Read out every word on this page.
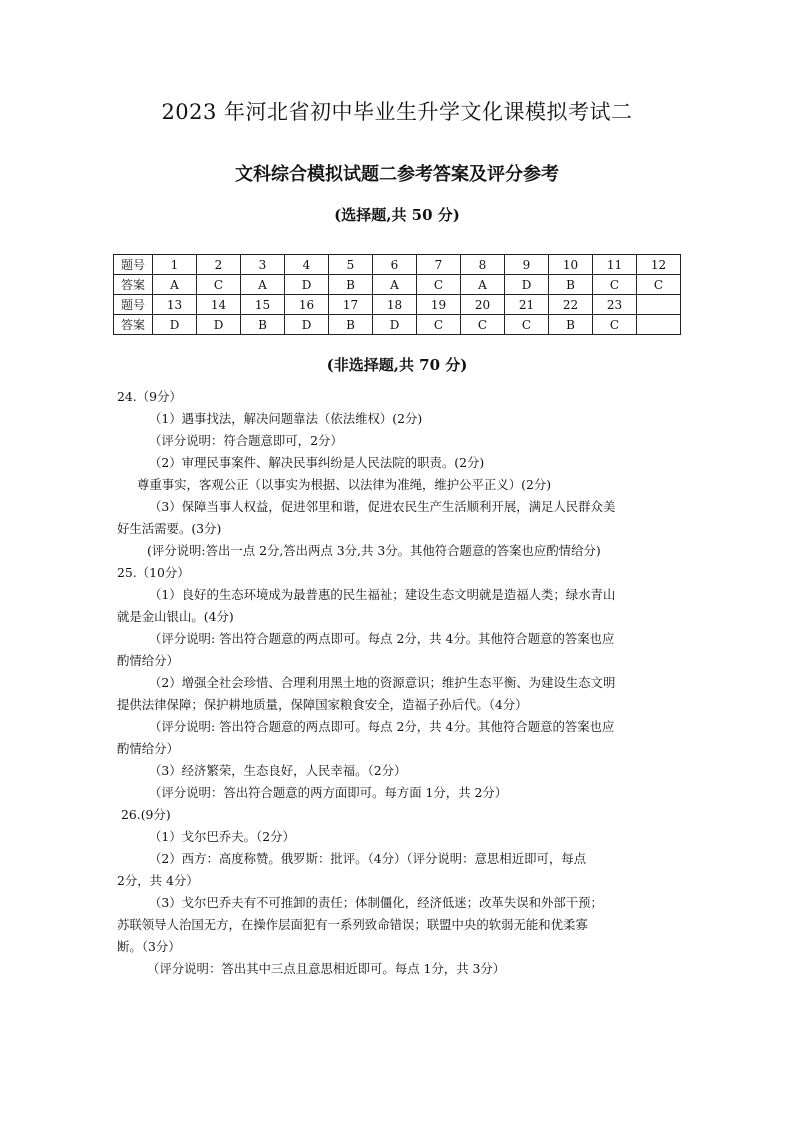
2023 年河北省初中毕业生升学文化课模拟考试二
文科综合模拟试题二参考答案及评分参考
(选择题,共 50 分)
题号	1	2	3	4	5	6	7	8	9	10	11	12
答案	A	C	A	D	B	A	C	A	D	B	C	C
题号	13	14	15	16	17	18	19	20	21	22	23	
答案	D	D	B	D	B	D	C	C	C	B	C	
(非选择题,共 70 分)
24.（9分）
（1）遇事找法，解决问题靠法（依法维权）(2分)
（评分说明：符合题意即可，2分）
（2）审理民事案件、解决民事纠纷是人民法院的职责。(2分)
尊重事实，客观公正（以事实为根据、以法律为准绳，维护公平正义）(2分)
（3）保障当事人权益，促进邻里和谐，促进农民生产生活顺利开展，满足人民群众美
好生活需要。(3分)
(评分说明:答出一点 2分,答出两点 3分,共 3分。其他符合题意的答案也应酌情给分)
25.（10分）
（1）良好的生态环境成为最普惠的民生福祉；建设生态文明就是造福人类；绿水青山
就是金山银山。(4分)
（评分说明: 答出符合题意的两点即可。每点 2分，共 4分。其他符合题意的答案也应
酌情给分）
（2）增强全社会珍惜、合理利用黑土地的资源意识；维护生态平衡、为建设生态文明
提供法律保障；保护耕地质量，保障国家粮食安全，造福子孙后代。（4分）
（评分说明: 答出符合题意的两点即可。每点 2分，共 4分。其他符合题意的答案也应
酌情给分）
（3）经济繁荣，生态良好，人民幸福。（2分）
（评分说明：答出符合题意的两方面即可。每方面 1分，共 2分）
26.(9分)
（1）戈尔巴乔夫。（2分）
（2）西方：高度称赞。俄罗斯：批评。（4分）（评分说明：意思相近即可，每点
2分，共 4分）
（3）戈尔巴乔夫有不可推卸的责任；体制僵化，经济低迷；改革失误和外部干预；
苏联领导人治国无方，在操作层面犯有一系列致命错误；联盟中央的软弱无能和优柔寡
断。（3分）
（评分说明：答出其中三点且意思相近即可。每点 1分，共 3分）
